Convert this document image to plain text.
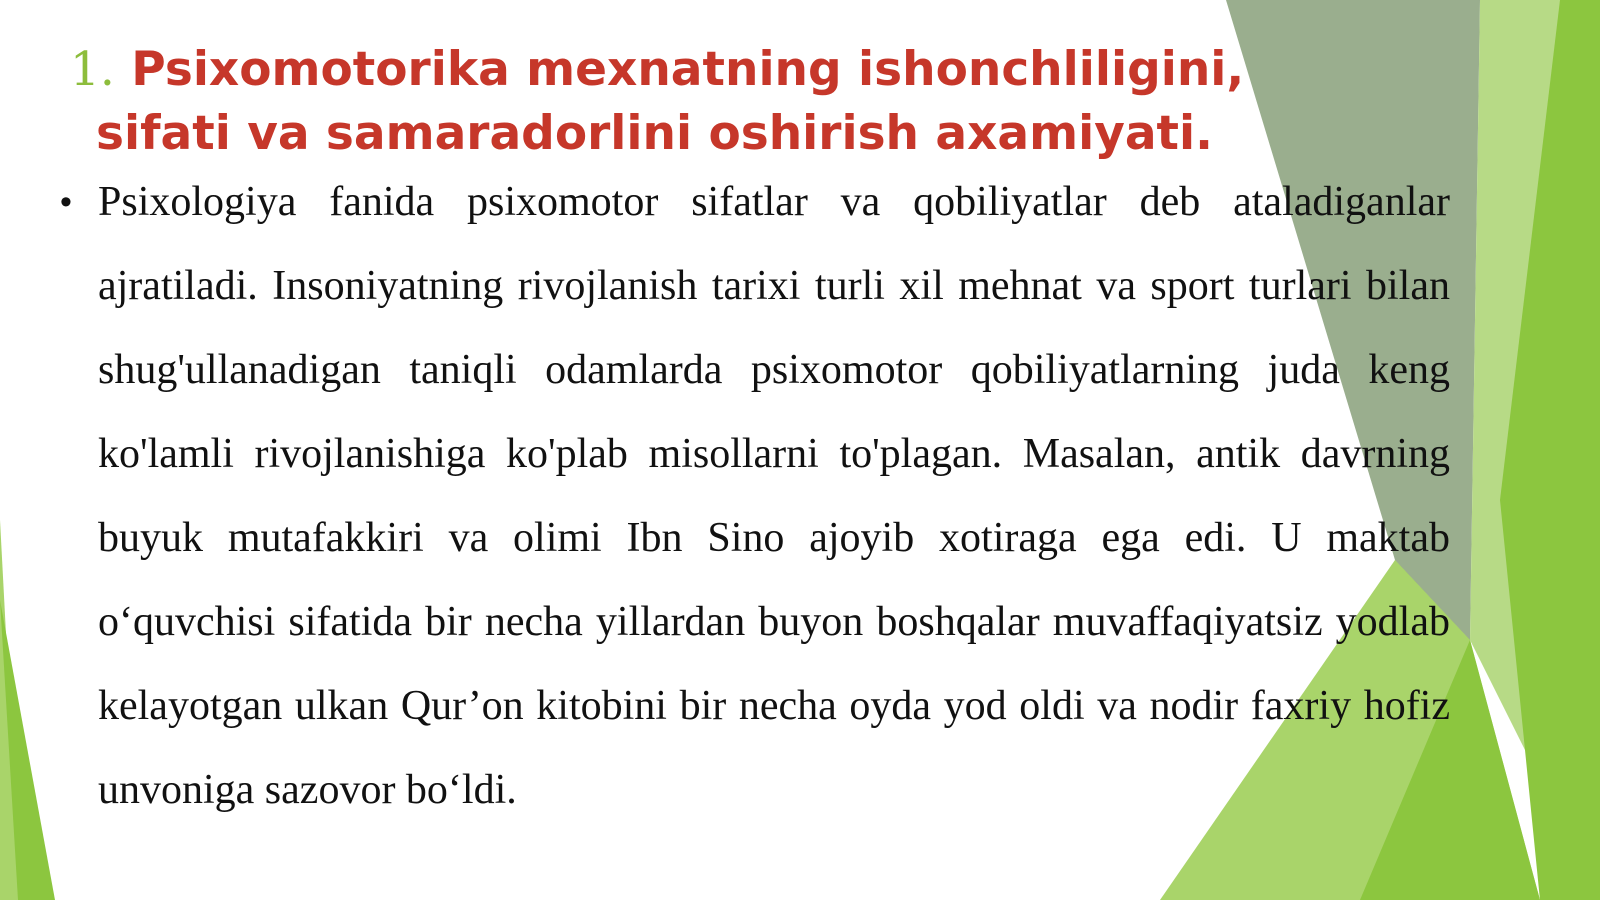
1. Psixomotorika mexnatning ishonchliligini,
sifati va samaradorlini oshirish axamiyati.
• Psixologiya fanida psixomotor sifatlar va qobiliyatlar deb ataladiganlar ajratiladi. Insoniyatning rivojlanish tarixi turli xil mehnat va sport turlari bilan shug'ullanadigan taniqli odamlarda psixomotor qobiliyatlarning juda keng ko'lamli rivojlanishiga ko'plab misollarni to'plagan. Masalan, antik davrning buyuk mutafakkiri va olimi Ibn Sino ajoyib xotiraga ega edi. U maktab o‘quvchisi sifatida bir necha yillardan buyon boshqalar muvaffaqiyatsiz yodlab kelayotgan ulkan Qur’on kitobini bir necha oyda yod oldi va nodir faxriy hofiz unvoniga sazovor bo‘ldi.
